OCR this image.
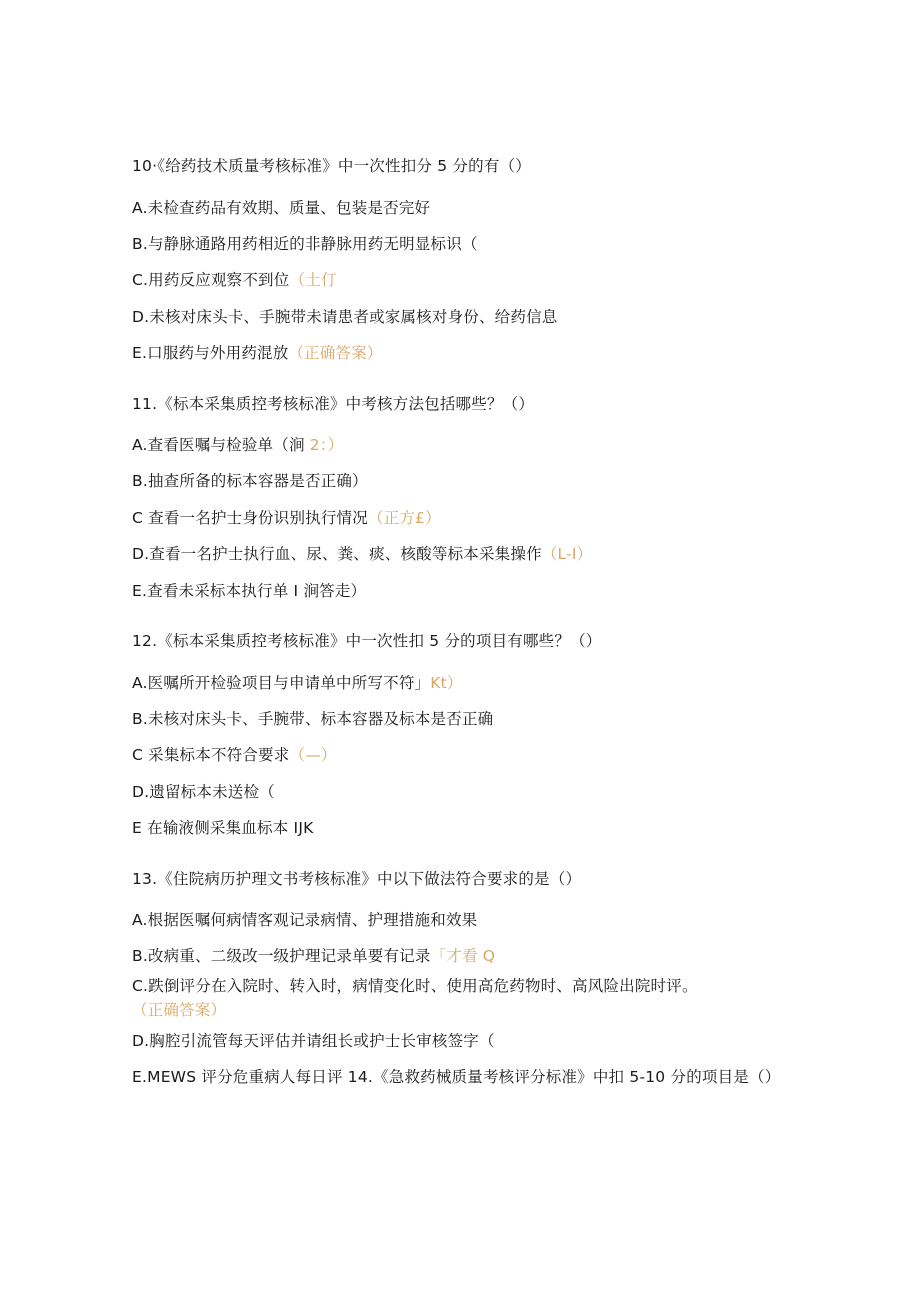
10·《给药技术质量考核标准》中一次性扣分 5 分的有（）
A.未检查药品有效期、质量、包装是否完好
B.与静脉通路用药相近的非静脉用药无明显标识（
C.用药反应观察不到位（土仃
D.未核对床头卡、手腕带未请患者或家属核对身份、给药信息
E.口服药与外用药混放（正确答案）
11.《标本采集质控考核标准》中考核方法包括哪些？（）
A.查看医嘱与检验单（涧 2：）
B.抽查所备的标本容器是否正确）
C 查看一名护士身份识别执行情况（正方£）
D.查看一名护士执行血、尿、粪、痰、核酸等标本采集操作（L-I）
E.查看未采标本执行单 I 涧答走）
12.《标本采集质控考核标准》中一次性扣 5 分的项目有哪些？（）
A.医嘱所开检验项目与申请单中所写不符」Kt）
B.未核对床头卡、手腕带、标本容器及标本是否正确
C 采集标本不符合要求（—）
D.遗留标本未送检（
E 在输液侧采集血标本 IJK
13.《住院病历护理文书考核标准》中以下做法符合要求的是（）
A.根据医嘱何病情客观记录病情、护理措施和效果
B.改病重、二级改一级护理记录单要有记录「才看 Q
C.跌倒评分在入院时、转入时，病情变化时、使用高危药物时、高风险出院时评。（正确答案）
D.胸腔引流管每天评估并请组长或护士长审核签字（
E.MEWS 评分危重病人每日评 14.《急救药械质量考核评分标准》中扣 5-10 分的项目是（）
